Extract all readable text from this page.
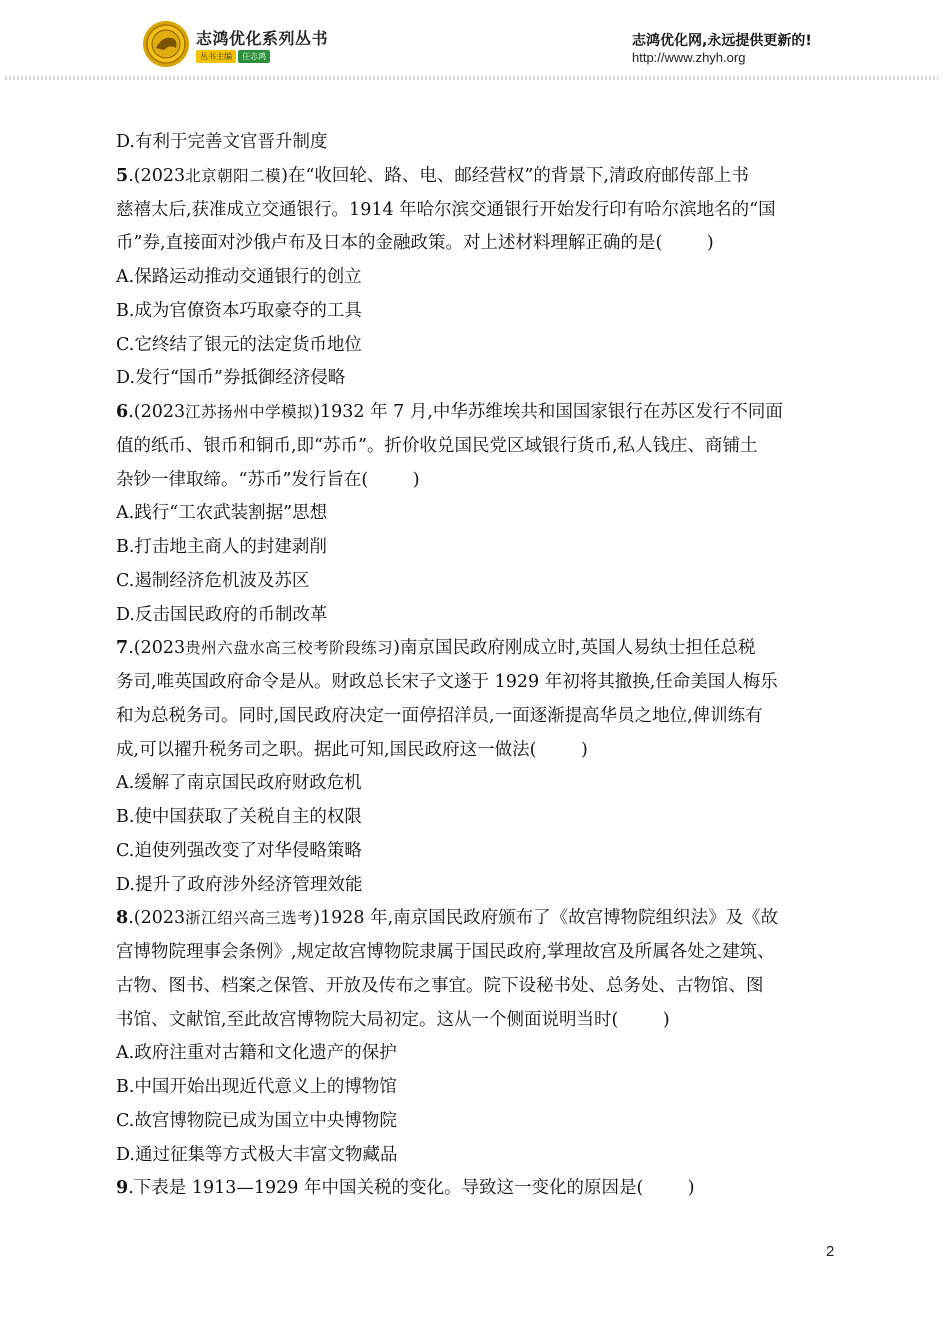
志鸿优化系列丛书
丛书主编 任志鸿
志鸿优化网,永远提供更新的!
http://www.zhyh.org
D.有利于完善文官晋升制度
5.(2023北京朝阳二模)在“收回轮、路、电、邮经营权”的背景下,清政府邮传部上书
慈禧太后,获准成立交通银行。1914 年哈尔滨交通银行开始发行印有哈尔滨地名的“国
币”券,直接面对沙俄卢布及日本的金融政策。对上述材料理解正确的是(        )
A.保路运动推动交通银行的创立
B.成为官僚资本巧取豪夺的工具
C.它终结了银元的法定货币地位
D.发行“国币”券抵御经济侵略
6.(2023江苏扬州中学模拟)1932 年 7 月,中华苏维埃共和国国家银行在苏区发行不同面
值的纸币、银币和铜币,即“苏币”。折价收兑国民党区域银行货币,私人钱庄、商铺土
杂钞一律取缔。“苏币”发行旨在(        )
A.践行“工农武装割据”思想
B.打击地主商人的封建剥削
C.遏制经济危机波及苏区
D.反击国民政府的币制改革
7.(2023贵州六盘水高三校考阶段练习)南京国民政府刚成立时,英国人易纨士担任总税
务司,唯英国政府命令是从。财政总长宋子文遂于 1929 年初将其撤换,任命美国人梅乐
和为总税务司。同时,国民政府决定一面停招洋员,一面逐渐提高华员之地位,俾训练有
成,可以擢升税务司之职。据此可知,国民政府这一做法(        )
A.缓解了南京国民政府财政危机
B.使中国获取了关税自主的权限
C.迫使列强改变了对华侵略策略
D.提升了政府涉外经济管理效能
8.(2023浙江绍兴高三选考)1928 年,南京国民政府颁布了《故宫博物院组织法》及《故
宫博物院理事会条例》,规定故宫博物院隶属于国民政府,掌理故宫及所属各处之建筑、
古物、图书、档案之保管、开放及传布之事宜。院下设秘书处、总务处、古物馆、图
书馆、文献馆,至此故宫博物院大局初定。这从一个侧面说明当时(        )
A.政府注重对古籍和文化遗产的保护
B.中国开始出现近代意义上的博物馆
C.故宫博物院已成为国立中央博物院
D.通过征集等方式极大丰富文物藏品
9.下表是 1913—1929 年中国关税的变化。导致这一变化的原因是(        )
2
